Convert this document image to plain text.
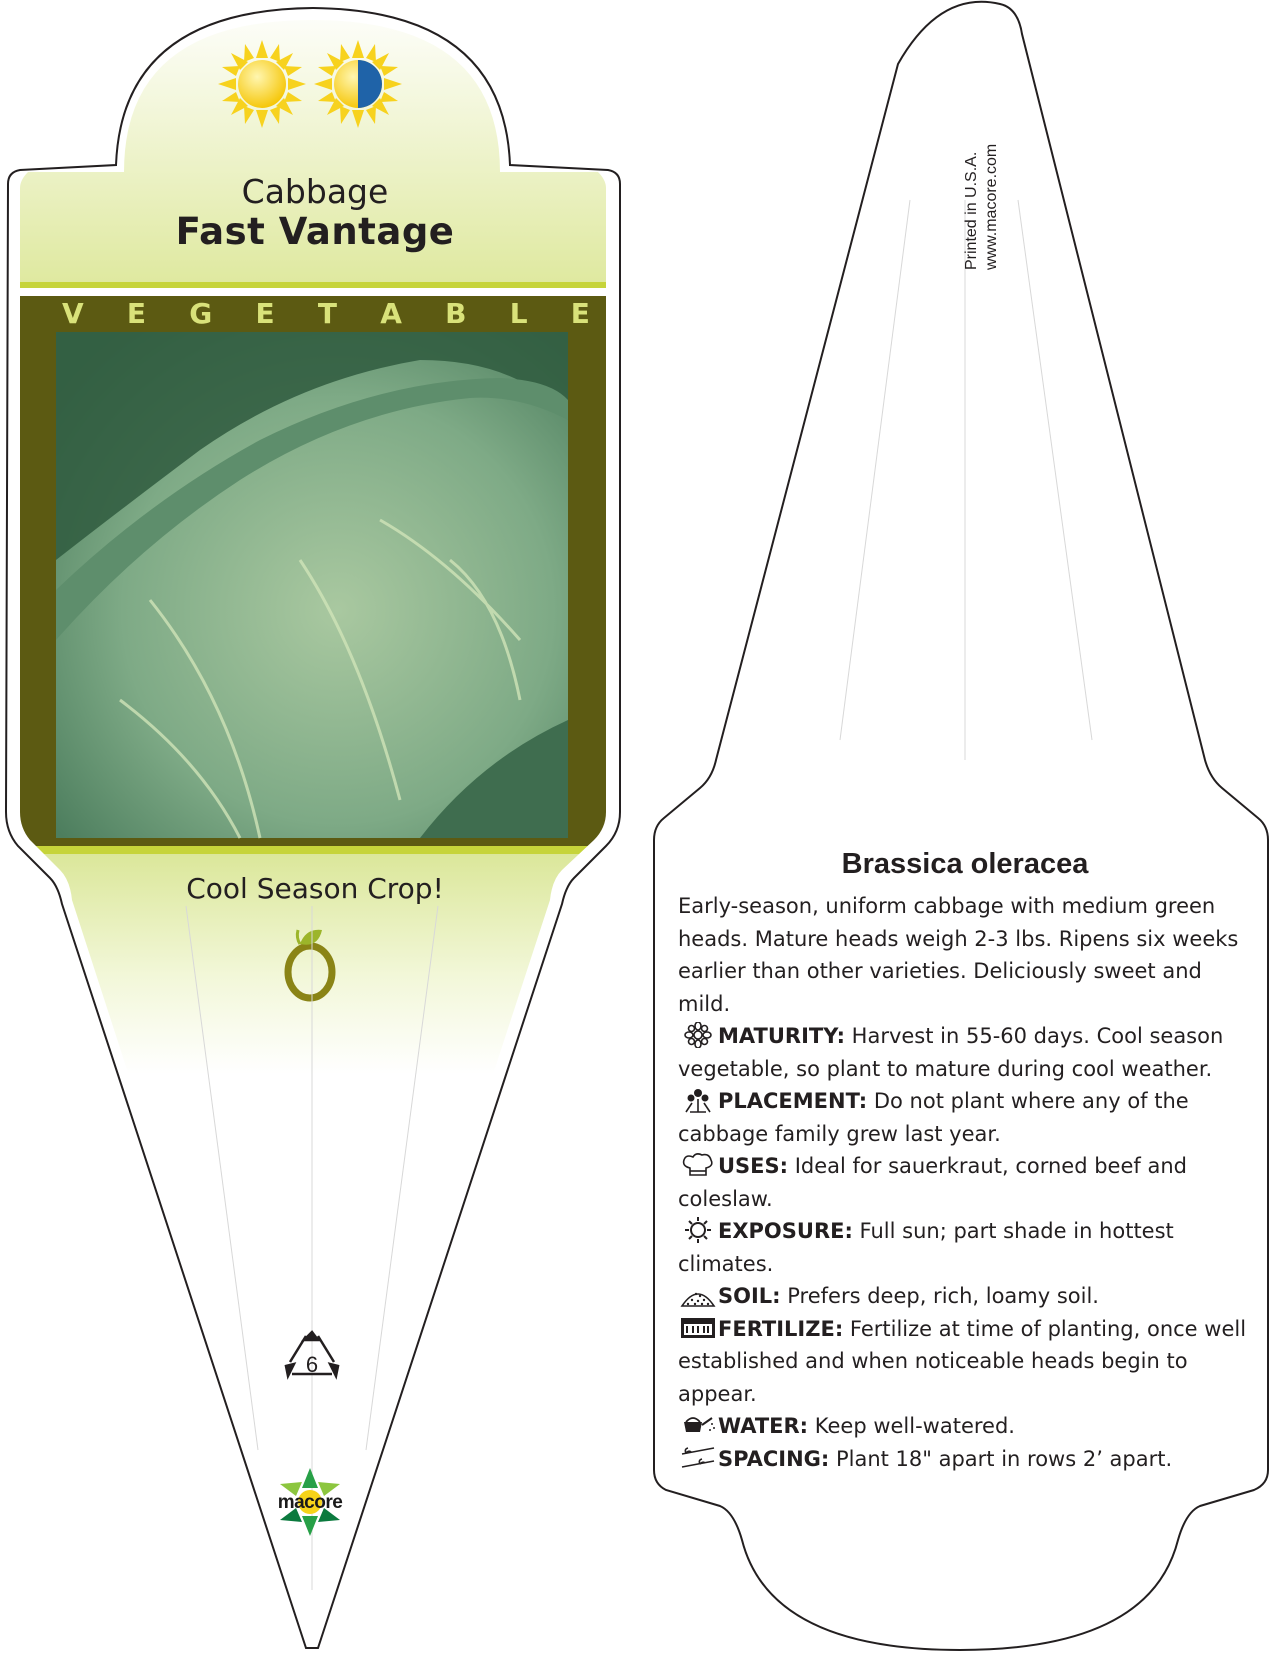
Cabbage
Fast Vantage
V E G E T A B L E
Cool Season Crop!
6
macore
Printed in U.S.A. www.macore.com
Brassica oleracea

Early-season, uniform cabbage with medium green heads. Mature heads weigh 2-3 lbs. Ripens six weeks earlier than other varieties. Deliciously sweet and mild.

MATURITY: Harvest in 55-60 days. Cool season vegetable, so plant to mature during cool weather.

PLACEMENT: Do not plant where any of the cabbage family grew last year.

USES: Ideal for sauerkraut, corned beef and coleslaw.

EXPOSURE: Full sun; part shade in hottest climates.

SOIL: Prefers deep, rich, loamy soil.

FERTILIZE: Fertilize at time of planting, once well established and when noticeable heads begin to appear.

WATER: Keep well-watered.

SPACING: Plant 18" apart in rows 2’ apart.
